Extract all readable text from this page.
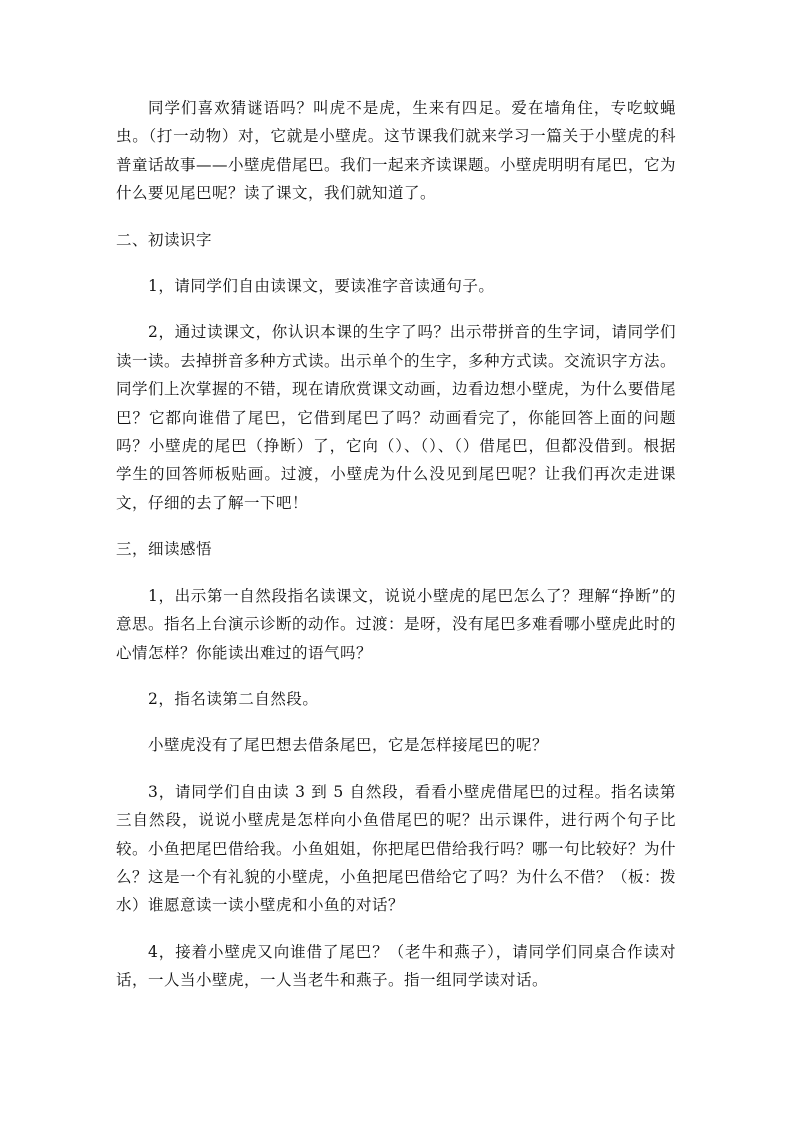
同学们喜欢猜谜语吗？叫虎不是虎，生来有四足。爱在墙角住，专吃蚊蝇虫。（打一动物）对，它就是小壁虎。这节课我们就来学习一篇关于小壁虎的科普童话故事——小壁虎借尾巴。我们一起来齐读课题。小壁虎明明有尾巴，它为什么要见尾巴呢？读了课文，我们就知道了。

二、初读识字

1，请同学们自由读课文，要读准字音读通句子。

2，通过读课文，你认识本课的生字了吗？出示带拼音的生字词，请同学们读一读。去掉拼音多种方式读。出示单个的生字，多种方式读。交流识字方法。同学们上次掌握的不错，现在请欣赏课文动画，边看边想小壁虎，为什么要借尾巴？它都向谁借了尾巴，它借到尾巴了吗？动画看完了，你能回答上面的问题吗？小壁虎的尾巴（挣断）了，它向（）、（）、（）借尾巴，但都没借到。根据学生的回答师板贴画。过渡，小壁虎为什么没见到尾巴呢？让我们再次走进课文，仔细的去了解一下吧！

三，细读感悟

1，出示第一自然段指名读课文，说说小壁虎的尾巴怎么了？理解“挣断”的意思。指名上台演示诊断的动作。过渡：是呀，没有尾巴多难看哪小壁虎此时的心情怎样？你能读出难过的语气吗？

2，指名读第二自然段。

小壁虎没有了尾巴想去借条尾巴，它是怎样接尾巴的呢？

3，请同学们自由读 3 到 5 自然段，看看小壁虎借尾巴的过程。指名读第三自然段，说说小壁虎是怎样向小鱼借尾巴的呢？出示课件，进行两个句子比较。小鱼把尾巴借给我。小鱼姐姐，你把尾巴借给我行吗？哪一句比较好？为什么？这是一个有礼貌的小壁虎，小鱼把尾巴借给它了吗？为什么不借？（板：拨水）谁愿意读一读小壁虎和小鱼的对话？

4，接着小壁虎又向谁借了尾巴？（老牛和燕子），请同学们同桌合作读对话，一人当小壁虎，一人当老牛和燕子。指一组同学读对话。
